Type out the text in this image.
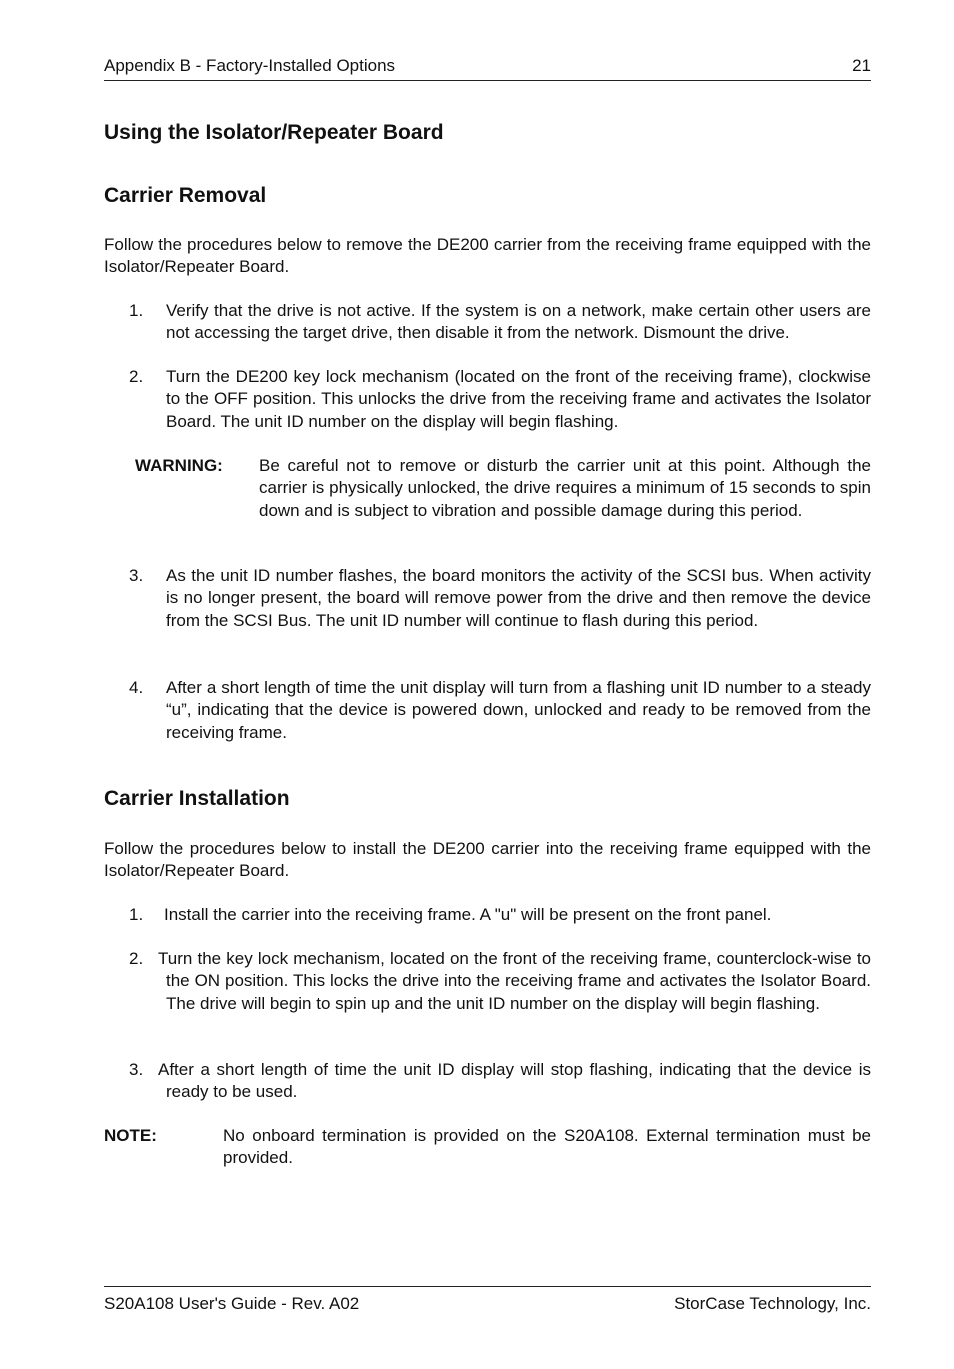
Appendix B - Factory-Installed Options	21
Using the Isolator/Repeater Board
Carrier Removal
Follow the procedures below to remove the DE200 carrier from the receiving frame equipped with the Isolator/Repeater Board.
1. Verify that the drive is not active. If the system is on a network, make certain other users are not accessing the target drive, then disable it from the network. Dismount the drive.
2. Turn the DE200 key lock mechanism (located on the front of the receiving frame), clockwise to the OFF position. This unlocks the drive from the receiving frame and activates the Isolator Board. The unit ID number on the display will begin flashing.
WARNING: Be careful not to remove or disturb the carrier unit at this point. Although the carrier is physically unlocked, the drive requires a minimum of 15 seconds to spin down and is subject to vibration and possible damage during this period.
3. As the unit ID number flashes, the board monitors the activity of the SCSI bus. When activity is no longer present, the board will remove power from the drive and then remove the device from the SCSI Bus. The unit ID number will continue to flash during this period.
4. After a short length of time the unit display will turn from a flashing unit ID number to a steady “u”, indicating that the device is powered down, unlocked and ready to be removed from the receiving frame.
Carrier Installation
Follow the procedures below to install the DE200 carrier into the receiving frame equipped with the Isolator/Repeater Board.
1. Install the carrier into the receiving frame. A "u" will be present on the front panel.
2. Turn the key lock mechanism, located on the front of the receiving frame, counterclock-wise to the ON position. This locks the drive into the receiving frame and activates the Isolator Board. The drive will begin to spin up and the unit ID number on the display will begin flashing.
3. After a short length of time the unit ID display will stop flashing, indicating that the device is ready to be used.
NOTE:	No onboard termination is provided on the S20A108. External termination must be provided.
S20A108 User's Guide - Rev. A02	StorCase Technology, Inc.
